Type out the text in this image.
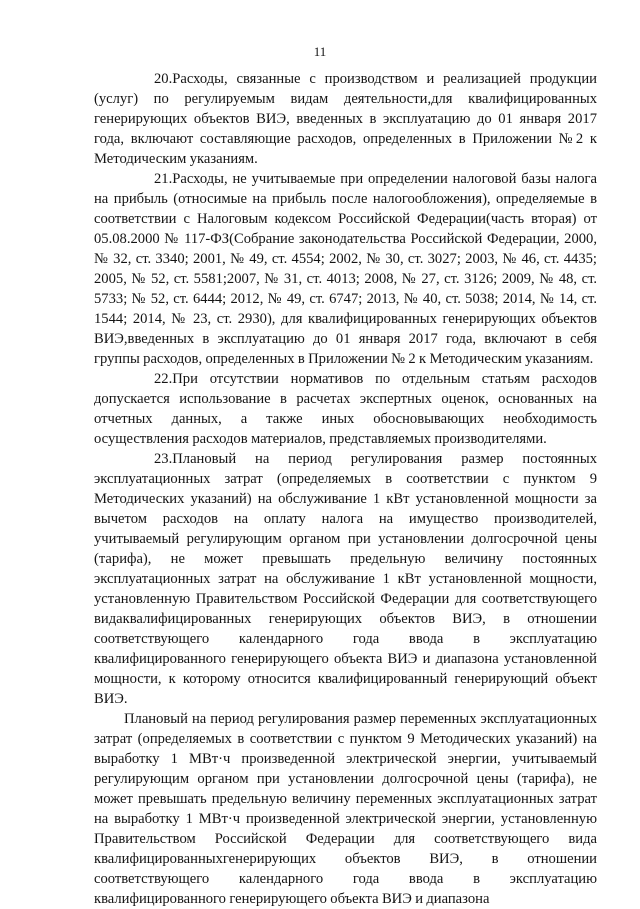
11

20.Расходы, связанные с производством и реализацией продукции (услуг) по регулируемым видам деятельности,для квалифицированных генерирующих объектов ВИЭ, введенных в эксплуатацию до 01 января 2017 года, включают составляющие расходов, определенных в Приложении №2 к Методическим указаниям.

21.Расходы, не учитываемые при определении налоговой базы налога на прибыль (относимые на прибыль после налогообложения), определяемые в соответствии с Налоговым кодексом Российской Федерации(часть вторая) от 05.08.2000 № 117-ФЗ(Собрание законодательства Российской Федерации, 2000, № 32, ст. 3340; 2001, № 49, ст. 4554; 2002, № 30, ст. 3027; 2003, № 46, ст. 4435; 2005, № 52, ст. 5581;2007, № 31, ст. 4013; 2008, № 27, ст. 3126; 2009, № 48, ст. 5733; № 52, ст. 6444; 2012, № 49, ст. 6747; 2013, № 40, ст. 5038; 2014, № 14, ст. 1544; 2014, № 23, ст. 2930), для квалифицированных генерирующих объектов ВИЭ,введенных в эксплуатацию до 01 января 2017 года, включают в себя группы расходов, определенных в Приложении № 2 к Методическим указаниям.

22.При отсутствии нормативов по отдельным статьям расходов допускается использование в расчетах экспертных оценок, основанных на отчетных данных, а также иных обосновывающих необходимость осуществления расходов материалов, представляемых производителями.

23.Плановый на период регулирования размер постоянных эксплуатационных затрат (определяемых в соответствии с пунктом 9 Методических указаний) на обслуживание 1 кВт установленной мощности за вычетом расходов на оплату налога на имущество производителей, учитываемый регулирующим органом при установлении долгосрочной цены (тарифа), не может превышать предельную величину постоянных эксплуатационных затрат на обслуживание 1 кВт установленной мощности, установленную Правительством Российской Федерации для соответствующего видаквалифицированных генерирующих объектов ВИЭ, в отношении соответствующего календарного года ввода в эксплуатацию квалифицированного генерирующего объекта ВИЭ и диапазона установленной мощности, к которому относится квалифицированный генерирующий объект ВИЭ.

Плановый на период регулирования размер переменных эксплуатационных затрат (определяемых в соответствии с пунктом 9 Методических указаний) на выработку 1 МВт·ч произведенной электрической энергии, учитываемый регулирующим органом при установлении долгосрочной цены (тарифа), не может превышать предельную величину переменных эксплуатационных затрат на выработку 1 МВт·ч произведенной электрической энергии, установленную Правительством Российской Федерации для соответствующего вида квалифицированныхгенерирующих объектов ВИЭ, в отношении соответствующего календарного года ввода в эксплуатацию квалифицированного генерирующего объекта ВИЭ и диапазона
